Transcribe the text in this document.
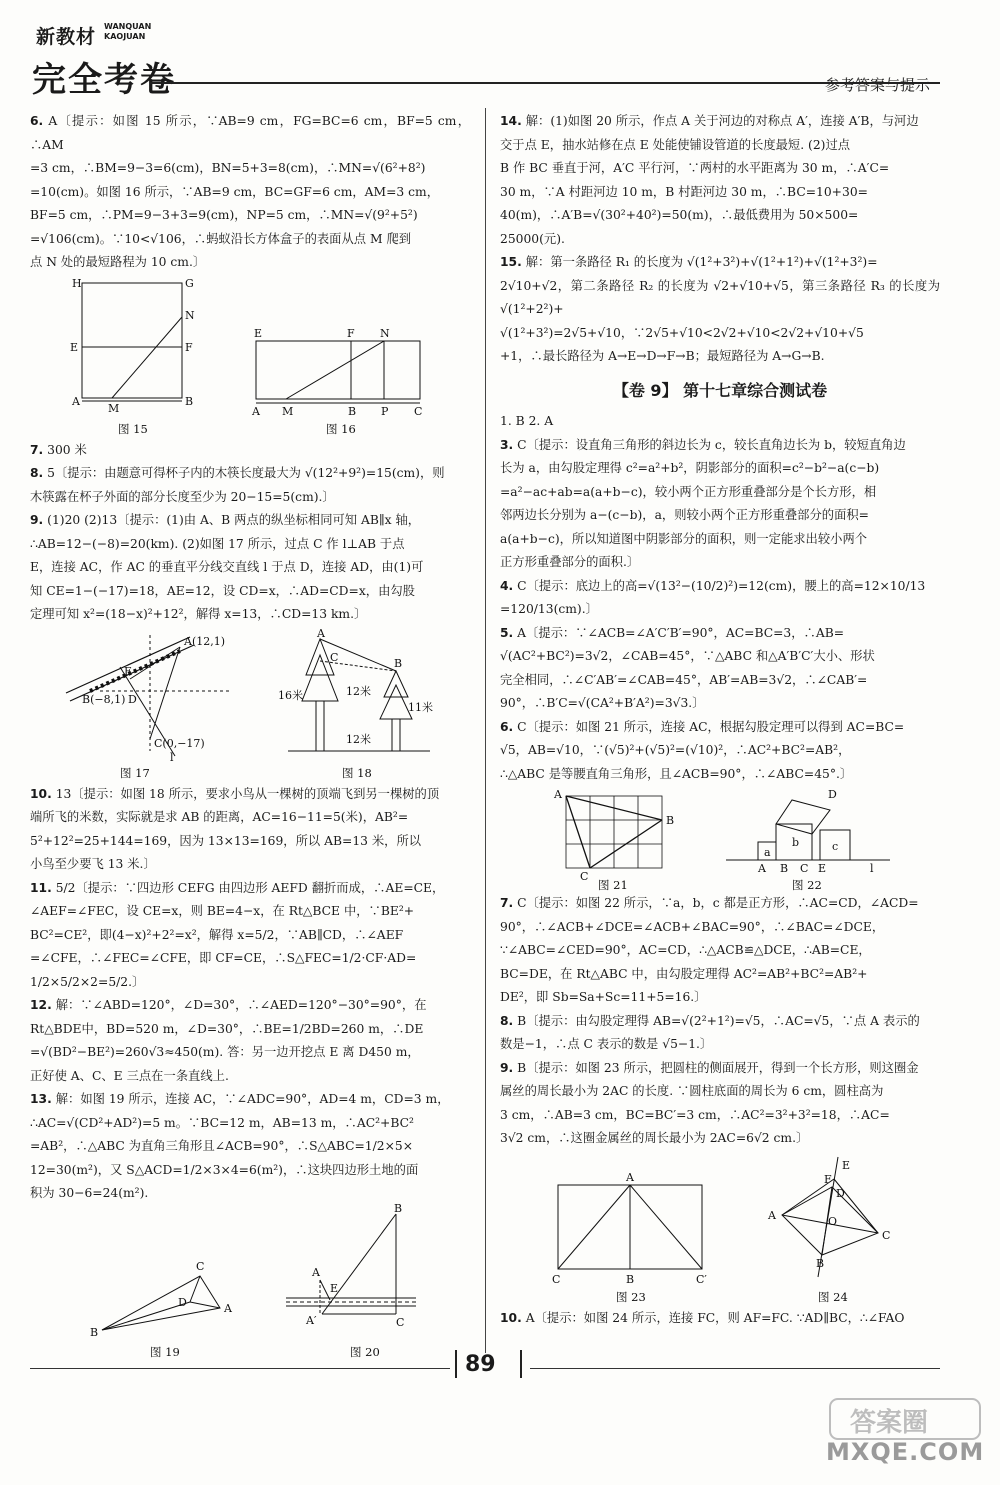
新教材 WANQUAN
KAOJUAN
完全考卷	参考答案与提示
6. A〔提示：如图 15 所示，∵AB=9 cm，FG=BC=6 cm，BF=5 cm，∴AM
=3 cm，∴BM=9−3=6(cm)，BN=5+3=8(cm)，∴MN=√(6²+8²)
=10(cm)。如图 16 所示，∵AB=9 cm，BC=GF=6 cm，AM=3 cm，
BF=5 cm，∴PM=9−3+3=9(cm)，NP=5 cm，∴MN=√(9²+5²)
=√106(cm)。∵10<√106，∴蚂蚁沿长方体盒子的表面从点 M 爬到
点 N 处的最短路程为 10 cm.〕
H	G
N
E	F
A
M
B
图 15
E	F N
A M	B P C
图 16
7. 300 米
8. 5〔提示：由题意可得杯子内的木筷长度最大为 √(12²+9²)=15(cm)，则
木筷露在杯子外面的部分长度至少为 20−15=5(cm).〕
9. (1)20 (2)13〔提示：(1)由 A、B 两点的纵坐标相同可知 AB∥x 轴，
∴AB=12−(−8)=20(km). (2)如图 17 所示，过点 C 作 l⊥AB 于点
E，连接 AC，作 AC 的垂直平分线交直线 l 于点 D，连接 AD，由(1)可
知 CE=1−(−17)=18，AE=12，设 CD=x，∴AD=CD=x，由勾股
定理可知 x²=(18−x)²+12²，解得 x=13，∴CD=13 km.〕
A(12,1)
E
B(−8,1) D
C(0,−17)
l
图 17
A
C	B
16米	12米
11米
12米
图 18
10. 13〔提示：如图 18 所示，要求小鸟从一棵树的顶端飞到另一棵树的顶
端所飞的米数，实际就是求 AB 的距离，AC=16−11=5(米)，AB²=
5²+12²=25+144=169，因为 13×13=169，所以 AB=13 米，所以
小鸟至少要飞 13 米.〕
11. 5/2〔提示：∵四边形 CEFG 由四边形 AEFD 翻折而成，∴AE=CE，
∠AEF=∠FEC，设 CE=x，则 BE=4−x，在 Rt△BCE 中，∵BE²+
BC²=CE²，即(4−x)²+2²=x²，解得 x=5/2，∵AB∥CD，∴∠AEF
=∠CFE，∴∠FEC=∠CFE，即 CF=CE，∴S△FEC=1/2·CF·AD=
1/2×5/2×2=5/2.〕
12. 解：∵∠ABD=120°，∠D=30°，∴∠AED=120°−30°=90°，在
Rt△BDE中，BD=520 m，∠D=30°，∴BE=1/2BD=260 m，∴DE
=√(BD²−BE²)=260√3≈450(m). 答：另一边开挖点 E 离 D450 m，
正好使 A、C、E 三点在一条直线上.
13. 解：如图 19 所示，连接 AC，∵∠ADC=90°，AD=4 m，CD=3 m，
∴AC=√(CD²+AD²)=5 m。∵BC=12 m，AB=13 m，∴AC²+BC²
=AB²，∴△ABC 为直角三角形且∠ACB=90°，∴S△ABC=1/2×5×
12=30(m²)，又 S△ACD=1/2×3×4=6(m²)，∴这块四边形土地的面
积为 30−6=24(m²).
C
D	A
B
图 19
B
A
E
A′	C
图 20
14. 解：(1)如图 20 所示，作点 A 关于河边的对称点 A′，连接 A′B，与河边
交于点 E，抽水站修在点 E 处能使铺设管道的长度最短. (2)过点
B 作 BC 垂直于河，A′C 平行河，∵两村的水平距离为 30 m，∴A′C=
30 m，∵A 村距河边 10 m，B 村距河边 30 m，∴BC=10+30=
40(m)，∴A′B=√(30²+40²)=50(m)，∴最低费用为 50×500=
25000(元).
15. 解：第一条路径 R₁ 的长度为 √(1²+3²)+√(1²+1²)+√(1²+3²)=
2√10+√2，第二条路径 R₂ 的长度为 √2+√10+√5，第三条路径 R₃ 的长度为 √(1²+2²)+
√(1²+3²)=2√5+√10，∵2√5+√10<2√2+√10<2√2+√10+√5
+1，∴最长路径为 A→E→D→F→B；最短路径为 A→G→B.
【卷 9】 第十七章综合测试卷
1. B 2. A
3. C〔提示：设直角三角形的斜边长为 c，较长直角边长为 b，较短直角边
长为 a，由勾股定理得 c²=a²+b²，阴影部分的面积=c²−b²−a(c−b)
=a²−ac+ab=a(a+b−c)，较小两个正方形重叠部分是个长方形，相
邻两边长分别为 a−(c−b)，a，则较小两个正方形重叠部分的面积=
a(a+b−c)，所以知道图中阴影部分的面积，则一定能求出较小两个
正方形重叠部分的面积.〕
4. C〔提示：底边上的高=√(13²−(10/2)²)=12(cm)，腰上的高=12×10/13
=120/13(cm).〕
5. A〔提示：∵∠ACB=∠A′C′B′=90°，AC=BC=3，∴AB=
√(AC²+BC²)=3√2，∠CAB=45°，∵△ABC 和△A′B′C′大小、形状
完全相同，∴∠C′AB′=∠CAB=45°，AB′=AB=3√2，∴∠CAB′=
90°，∴B′C=√(CA²+B′A²)=3√3.〕
6. C〔提示：如图 21 所示，连接 AC，根据勾股定理可以得到 AC=BC=
√5，AB=√10，∵(√5)²+(√5)²=(√10)²，∴AC²+BC²=AB²，
∴△ABC 是等腰直角三角形，且∠ACB=90°，∴∠ABC=45°.〕
A
B
C
图 21
D
a
b	c
A B C E	l
图 22
7. C〔提示：如图 22 所示，∵a，b，c 都是正方形，∴AC=CD，∠ACD=
90°，∴∠ACB+∠DCE=∠ACB+∠BAC=90°，∴∠BAC=∠DCE，
∵∠ABC=∠CED=90°，AC=CD，∴△ACB≌△DCE，∴AB=CE，
BC=DE，在 Rt△ABC 中，由勾股定理得 AC²=AB²+BC²=AB²+
DE²，即 Sb=Sa+Sc=11+5=16.〕
8. B〔提示：由勾股定理得 AB=√(2²+1²)=√5，∴AC=√5，∵点 A 表示的
数是−1，∴点 C 表示的数是 √5−1.〕
9. B〔提示：如图 23 所示，把圆柱的侧面展开，得到一个长方形，则这圈金
属丝的周长最小为 2AC 的长度. ∵圆柱底面的周长为 6 cm，圆柱高为
3 cm，∴AB=3 cm，BC=BC′=3 cm，∴AC²=3²+3²=18，∴AC=
3√2 cm，∴这圈金属丝的周长最小为 2AC=6√2 cm.〕
A
C	B	C′
图 23
E
F
A
C
O
D
B
图 24
10. A〔提示：如图 24 所示，连接 FC，则 AF=FC. ∵AD∥BC，∴∠FAO
89
答案圈
MXQE.COM
